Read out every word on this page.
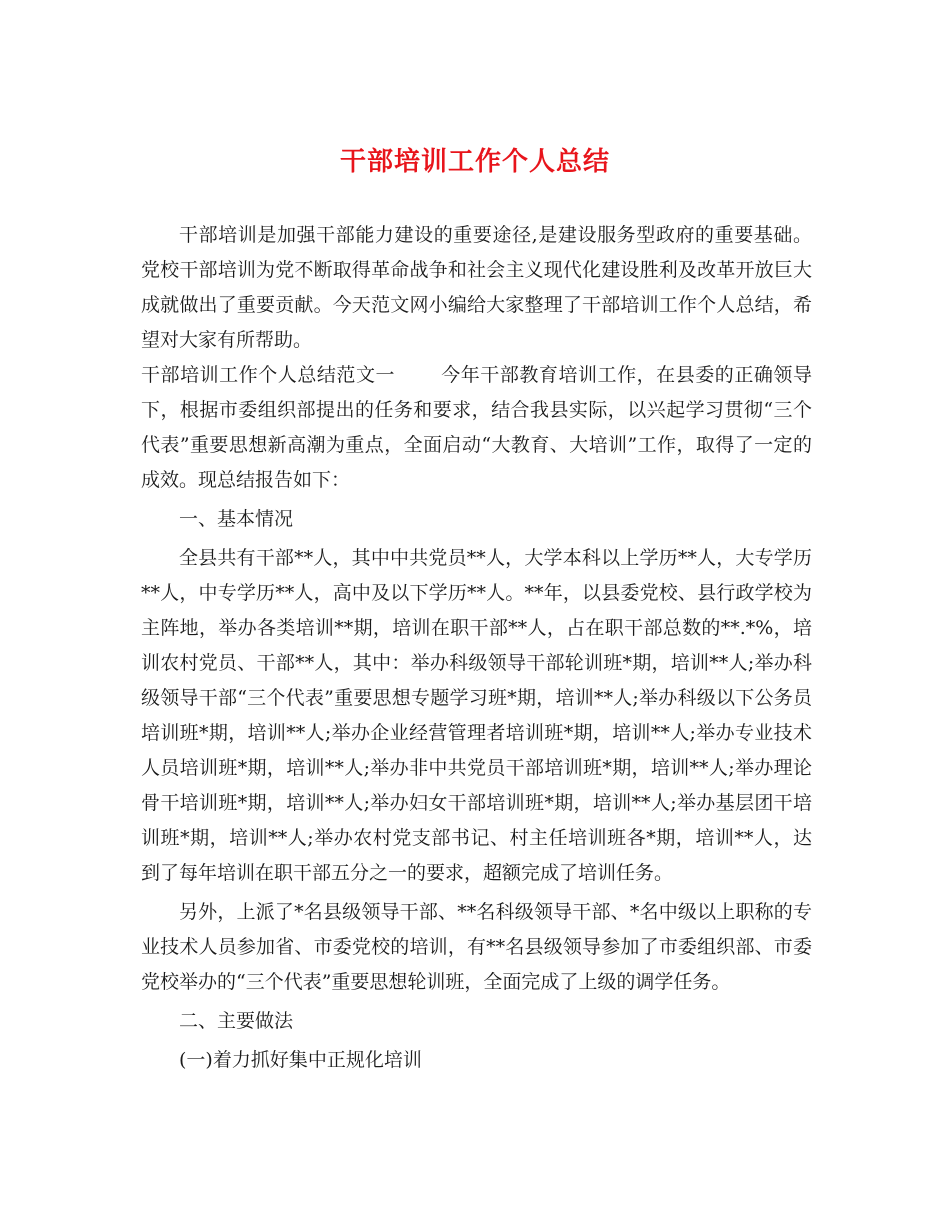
干部培训工作个人总结

干部培训是加强干部能力建设的重要途径,是建设服务型政府的重要基础。党校干部培训为党不断取得革命战争和社会主义现代化建设胜利及改革开放巨大成就做出了重要贡献。今天范文网小编给大家整理了干部培训工作个人总结，希望对大家有所帮助。

干部培训工作个人总结范文一 今年干部教育培训工作，在县委的正确领导下，根据市委组织部提出的任务和要求，结合我县实际，以兴起学习贯彻“三个代表”重要思想新高潮为重点，全面启动“大教育、大培训”工作，取得了一定的成效。现总结报告如下：

一、基本情况

全县共有干部**人，其中中共党员**人，大学本科以上学历**人，大专学历**人，中专学历**人，高中及以下学历**人。**年，以县委党校、县行政学校为主阵地，举办各类培训**期，培训在职干部**人，占在职干部总数的**.*%，培训农村党员、干部**人，其中：举办科级领导干部轮训班*期，培训**人;举办科级领导干部“三个代表”重要思想专题学习班*期，培训**人;举办科级以下公务员培训班*期，培训**人;举办企业经营管理者培训班*期，培训**人;举办专业技术人员培训班*期，培训**人;举办非中共党员干部培训班*期，培训**人;举办理论骨干培训班*期，培训**人;举办妇女干部培训班*期，培训**人;举办基层团干培训班*期，培训**人;举办农村党支部书记、村主任培训班各*期，培训**人，达到了每年培训在职干部五分之一的要求，超额完成了培训任务。

另外，上派了*名县级领导干部、**名科级领导干部、*名中级以上职称的专业技术人员参加省、市委党校的培训，有**名县级领导参加了市委组织部、市委党校举办的“三个代表”重要思想轮训班，全面完成了上级的调学任务。

二、主要做法

(一)着力抓好集中正规化培训
